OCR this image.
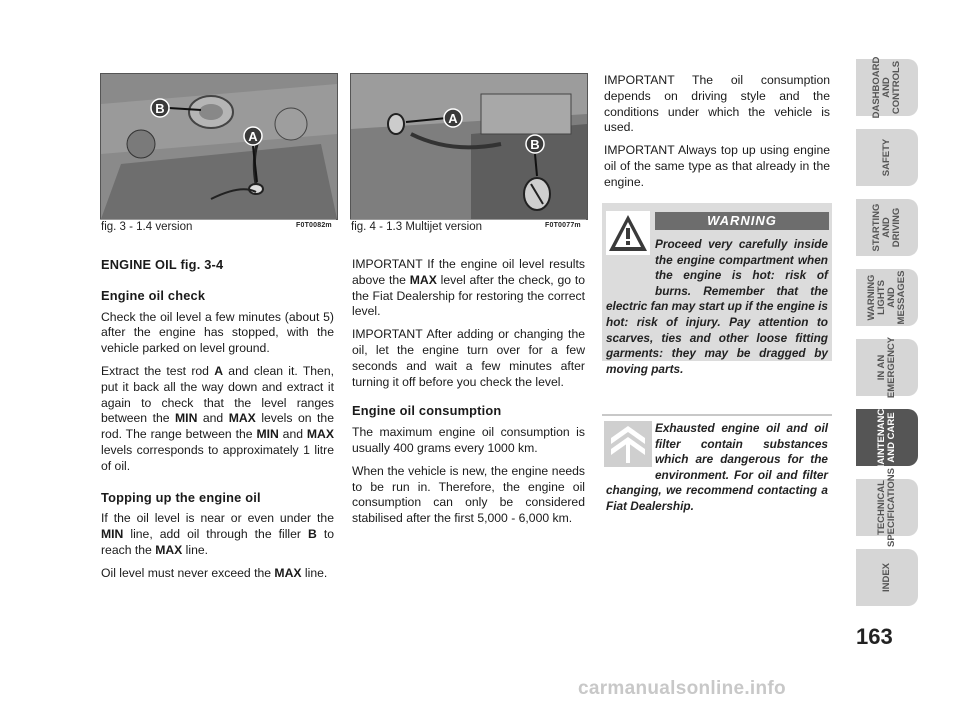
B
A
fig. 3 - 1.4 version	F0T0082m
A
B
fig. 4 - 1.3 Multijet version	F0T0077m
ENGINE OIL fig. 3-4
Engine oil check

Check the oil level a few minutes (about 5) after the engine has stopped, with the vehicle parked on level ground.

Extract the test rod A and clean it. Then, put it back all the way down and extract it again to check that the level ranges between the MIN and MAX levels on the rod. The range between the MIN and MAX levels corresponds to approximately 1 litre of oil.

Topping up the engine oil

If the oil level is near or even under the MIN line, add oil through the filler B to reach the MAX line.

Oil level must never exceed the MAX line.

IMPORTANT If the engine oil level results above the MAX level after the check, go to the Fiat Dealership for restoring the correct level.

IMPORTANT After adding or changing the oil, let the engine turn over for a few seconds and wait a few minutes after turning it off before you check the level.

Engine oil consumption

The maximum engine oil consumption is usually 400 grams every 1000 km.

When the vehicle is new, the engine needs to be run in. Therefore, the engine oil consumption can only be considered stabilised after the first 5,000 - 6,000 km.

IMPORTANT The oil consumption depends on driving style and the conditions under which the vehicle is used.

IMPORTANT Always top up using engine oil of the same type as that already in the engine.

WARNING
Proceed very carefully inside the engine compartment when the engine is hot: risk of burns. Remember that the electric fan may start up if the engine is hot: risk of injury. Pay attention to scarves, ties and other loose fitting garments: they may be dragged by moving parts.
Exhausted engine oil and oil filter contain substances which are dangerous for the environment. For oil and filter changing, we recommend contacting a Fiat Dealership.
DASHBOARD AND CONTROLS
SAFETY
STARTING AND DRIVING
WARNING LIGHTS AND MESSAGES
IN AN EMERGENCY
MAINTENANCE AND CARE
TECHNICAL SPECIFICATIONS
INDEX
163
carmanualsonline.info
